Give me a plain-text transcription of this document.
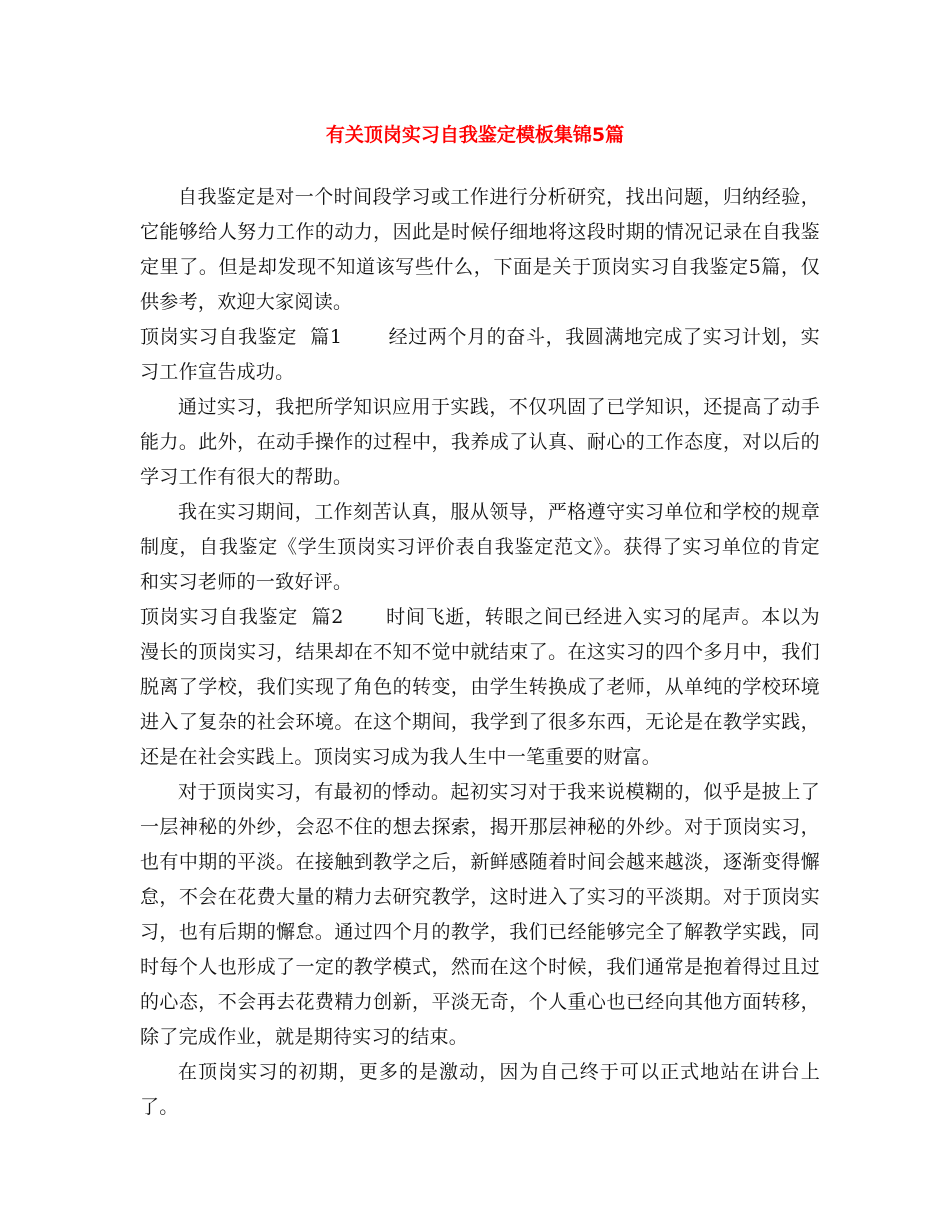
有关顶岗实习自我鉴定模板集锦5篇

自我鉴定是对一个时间段学习或工作进行分析研究，找出问题，归纳经验，它能够给人努力工作的动力，因此是时候仔细地将这段时期的情况记录在自我鉴定里了。但是却发现不知道该写些什么，下面是关于顶岗实习自我鉴定5篇，仅供参考，欢迎大家阅读。

顶岗实习自我鉴定  篇1 经过两个月的奋斗，我圆满地完成了实习计划，实习工作宣告成功。

通过实习，我把所学知识应用于实践，不仅巩固了已学知识，还提高了动手能力。此外，在动手操作的过程中，我养成了认真、耐心的工作态度，对以后的学习工作有很大的帮助。

我在实习期间，工作刻苦认真，服从领导，严格遵守实习单位和学校的规章制度，自我鉴定《学生顶岗实习评价表自我鉴定范文》。获得了实习单位的肯定和实习老师的一致好评。

顶岗实习自我鉴定  篇2 时间飞逝，转眼之间已经进入实习的尾声。本以为漫长的顶岗实习，结果却在不知不觉中就结束了。在这实习的四个多月中，我们脱离了学校，我们实现了角色的转变，由学生转换成了老师，从单纯的学校环境进入了复杂的社会环境。在这个期间，我学到了很多东西，无论是在教学实践，还是在社会实践上。顶岗实习成为我人生中一笔重要的财富。

对于顶岗实习，有最初的悸动。起初实习对于我来说模糊的，似乎是披上了一层神秘的外纱，会忍不住的想去探索，揭开那层神秘的外纱。对于顶岗实习，也有中期的平淡。在接触到教学之后，新鲜感随着时间会越来越淡，逐渐变得懈怠，不会在花费大量的精力去研究教学，这时进入了实习的平淡期。对于顶岗实习，也有后期的懈怠。通过四个月的教学，我们已经能够完全了解教学实践，同时每个人也形成了一定的教学模式，然而在这个时候，我们通常是抱着得过且过的心态，不会再去花费精力创新，平淡无奇，个人重心也已经向其他方面转移，除了完成作业，就是期待实习的结束。

在顶岗实习的初期，更多的是激动，因为自己终于可以正式地站在讲台上了。
